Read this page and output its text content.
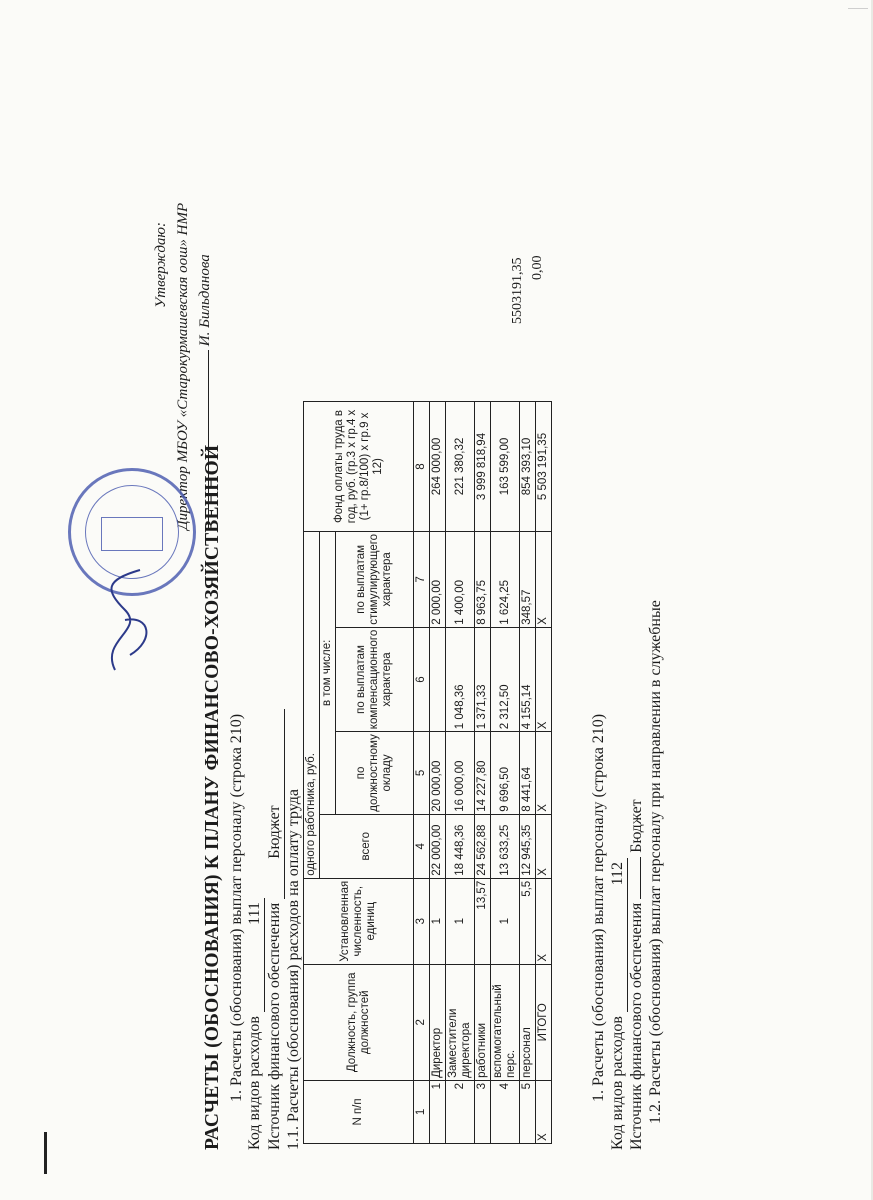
Утверждаю: Директор МБОУ «Старокурмашевская оош» НМР И. Бильданова
РАСЧЕТЫ (ОБОСНОВАНИЯ) К ПЛАНУ ФИНАНСОВО-ХОЗЯЙСТВЕННОЙ 1. Расчеты (обоснования) выплат персоналу (строка 210) Код видов расходов 111 Источник финансового обеспечения Бюджет 1.1. Расчеты (обоснования) расходов на оплату труда	N п/п	Должность, группа должностей	Установленная численность, единиц	одного работника, руб.				Фонд оплаты труда в год, руб. (гр.3 х гр.4 х (1+ гр.8/100) х гр.9 х 12)
			всего	в том числе:			
				по должностному окладу	по выплатам компенсационного характера	по выплатам стимулирующего характера	

1	2	3	4	5	6	7	8
1	Директор	1	22 000,00	20 000,00		2 000,00	264 000,00
2	Заместители директора	1	18 448,36	16 000,00	1 048,36	1 400,00	221 380,32
3	работники	13,57	24 562,88	14 227,80	1 371,33	8 963,75	3 999 818,94
4	вспомогательный перс.	1	13 633,25	9 696,50	2 312,50	1 624,25	163 599,00
5	персонал	5,5	12 945,35	8 441,64	4 155,14	348,57	854 393,10
X	ИТОГО	X	X	X	X	X	5 503 191,35
5503191,35 0,00
1. Расчеты (обоснования) выплат персоналу (строка 210) Код видов расходов 112
Источник финансового обеспечения  Бюджет 1.2. Расчеты (обоснования) выплат персоналу при направлении в служебные
